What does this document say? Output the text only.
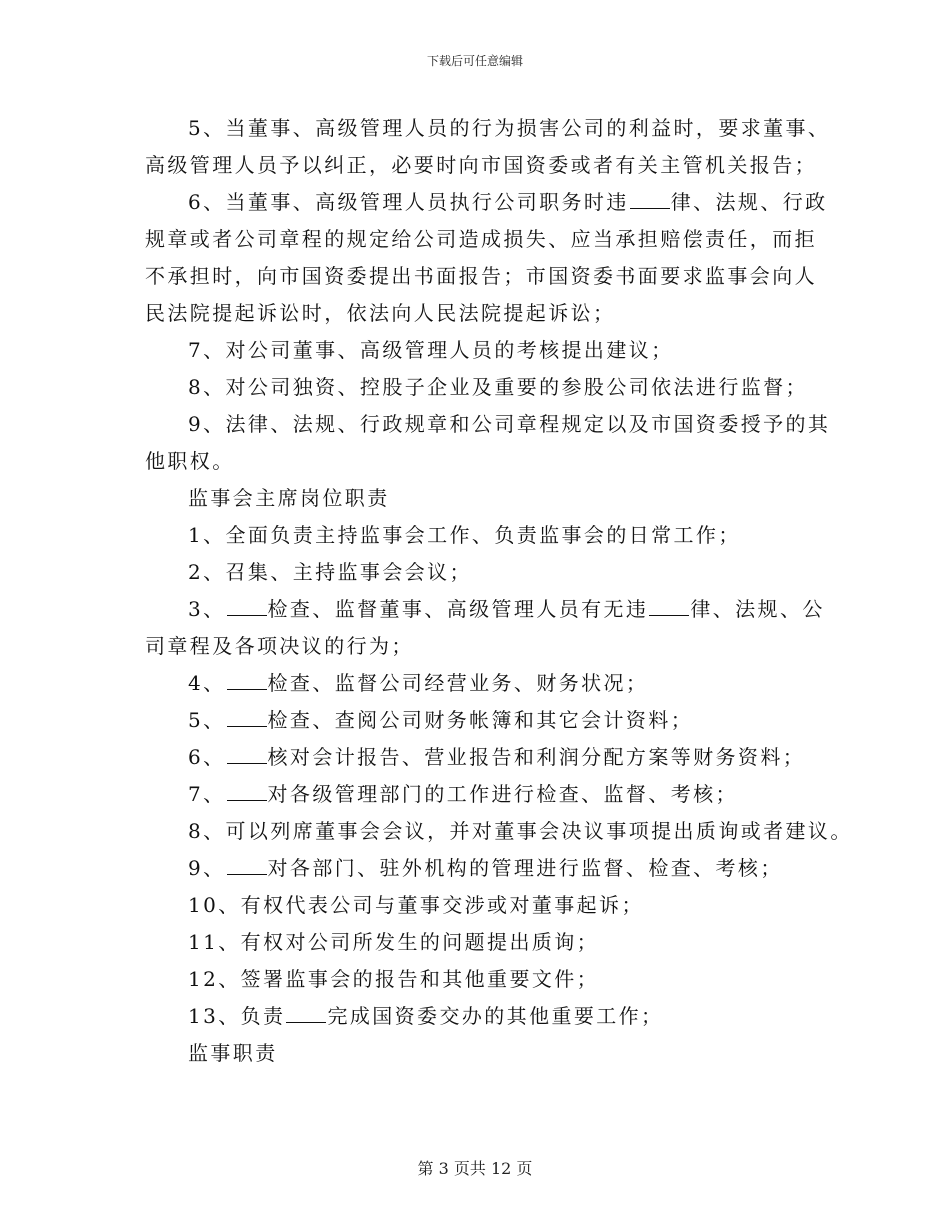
下载后可任意编辑
5、当董事、高级管理人员的行为损害公司的利益时，要求董事、
高级管理人员予以纠正，必要时向市国资委或者有关主管机关报告；
6、当董事、高级管理人员执行公司职务时违 律、法规、行政
规章或者公司章程的规定给公司造成损失、应当承担赔偿责任，而拒
不承担时，向市国资委提出书面报告；市国资委书面要求监事会向人
民法院提起诉讼时，依法向人民法院提起诉讼；
7、对公司董事、高级管理人员的考核提出建议；
8、对公司独资、控股子企业及重要的参股公司依法进行监督；
9、法律、法规、行政规章和公司章程规定以及市国资委授予的其
他职权。
监事会主席岗位职责
1、全面负责主持监事会工作、负责监事会的日常工作；
2、召集、主持监事会会议；
3、 检查、监督董事、高级管理人员有无违 律、法规、公
司章程及各项决议的行为；
4、 检查、监督公司经营业务、财务状况；
5、 检查、查阅公司财务帐簿和其它会计资料；
6、 核对会计报告、营业报告和利润分配方案等财务资料；
7、 对各级管理部门的工作进行检查、监督、考核；
8、可以列席董事会会议，并对董事会决议事项提出质询或者建议。
9、 对各部门、驻外机构的管理进行监督、检查、考核；
10、有权代表公司与董事交涉或对董事起诉；
11、有权对公司所发生的问题提出质询；
12、签署监事会的报告和其他重要文件；
13、负责 完成国资委交办的其他重要工作；
监事职责
第 3 页共 12 页
